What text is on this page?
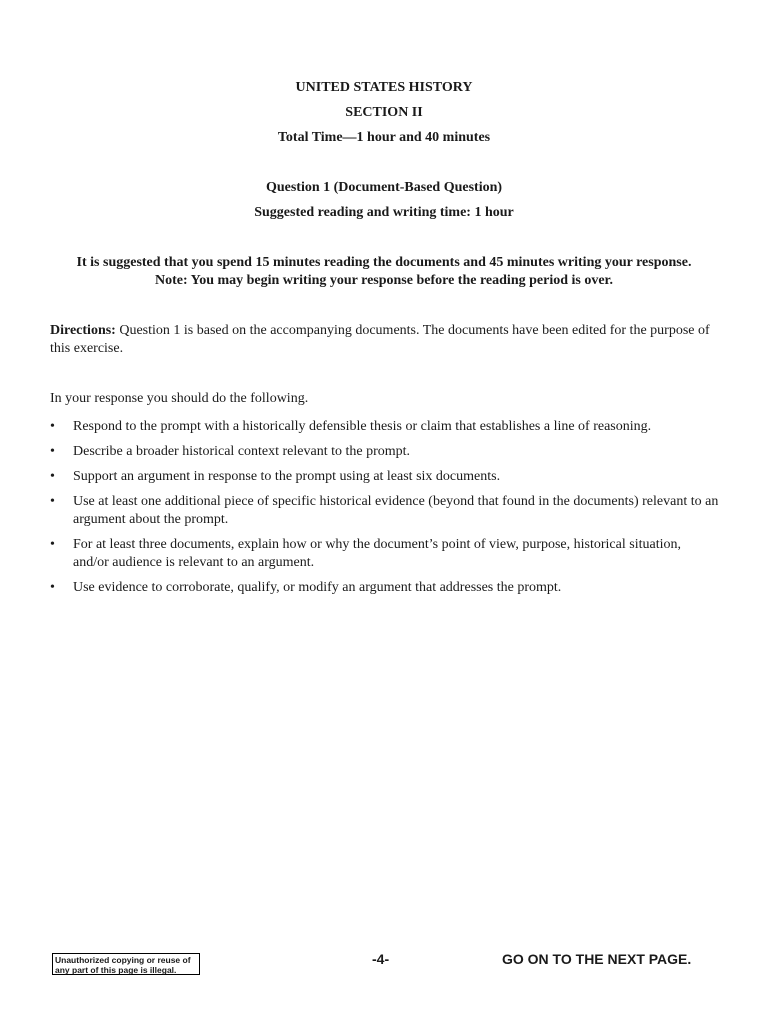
UNITED STATES HISTORY
SECTION II
Total Time—1 hour and 40 minutes
Question 1 (Document-Based Question)
Suggested reading and writing time: 1 hour
It is suggested that you spend 15 minutes reading the documents and 45 minutes writing your response.
Note: You may begin writing your response before the reading period is over.
Directions: Question 1 is based on the accompanying documents. The documents have been edited for the purpose of this exercise.
In your response you should do the following.
• Respond to the prompt with a historically defensible thesis or claim that establishes a line of reasoning.
• Describe a broader historical context relevant to the prompt.
• Support an argument in response to the prompt using at least six documents.
• Use at least one additional piece of specific historical evidence (beyond that found in the documents) relevant to an argument about the prompt.
• For at least three documents, explain how or why the document’s point of view, purpose, historical situation, and/or audience is relevant to an argument.
• Use evidence to corroborate, qualify, or modify an argument that addresses the prompt.
Unauthorized copying or reuse of any part of this page is illegal.
-4-	GO ON TO THE NEXT PAGE.
